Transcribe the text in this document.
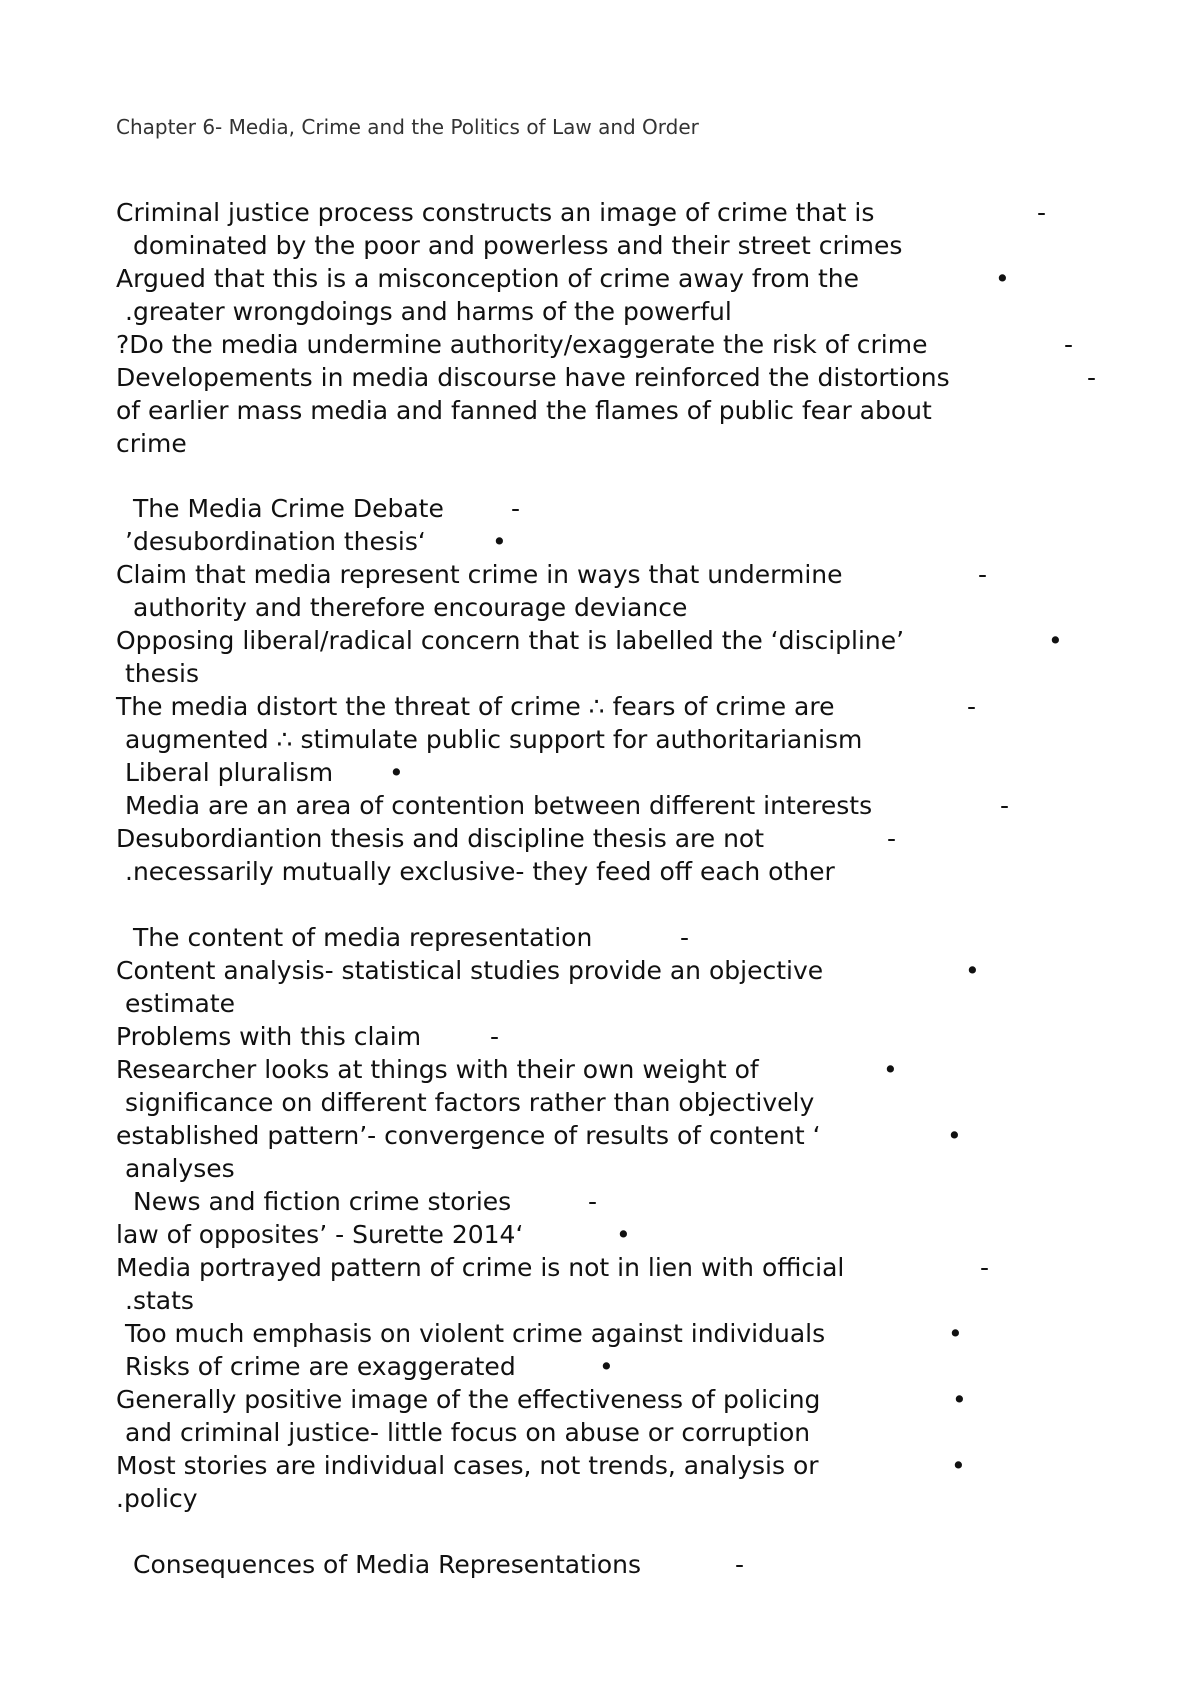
Chapter 6- Media, Crime and the Politics of Law and Order
Criminal justice process constructs an image of crime that is	-
dominated by the poor and powerless and their street crimes
Argued that this is a misconception of crime away from the	•
.greater wrongdoings and harms of the powerful
?Do the media undermine authority/exaggerate the risk of crime	-
Developements in media discourse have reinforced the distortions	-
of earlier mass media and fanned the flames of public fear about
crime
The Media Crime Debate	-
’desubordination thesis‘	•
Claim that media represent crime in ways that undermine	-
authority and therefore encourage deviance
Opposing liberal/radical concern that is labelled the ‘discipline’	•
thesis
The media distort the threat of crime ∴ fears of crime are	-
augmented ∴ stimulate public support for authoritarianism
Liberal pluralism •
Media are an area of contention between different interests	-
Desubordiantion thesis and discipline thesis are not	-
.necessarily mutually exclusive- they feed off each other
The content of media representation	-
Content analysis- statistical studies provide an objective	•
estimate
Problems with this claim	-
Researcher looks at things with their own weight of	•
significance on different factors rather than objectively
established pattern’- convergence of results of content ‘	•
analyses
News and fiction crime stories	-
law of opposites’ - Surette 2014‘	•
Media portrayed pattern of crime is not in lien with official	-
.stats
Too much emphasis on violent crime against individuals	•
Risks of crime are exaggerated	•
Generally positive image of the effectiveness of policing	•
and criminal justice- little focus on abuse or corruption
Most stories are individual cases, not trends, analysis or	•
.policy
Consequences of Media Representations	-
